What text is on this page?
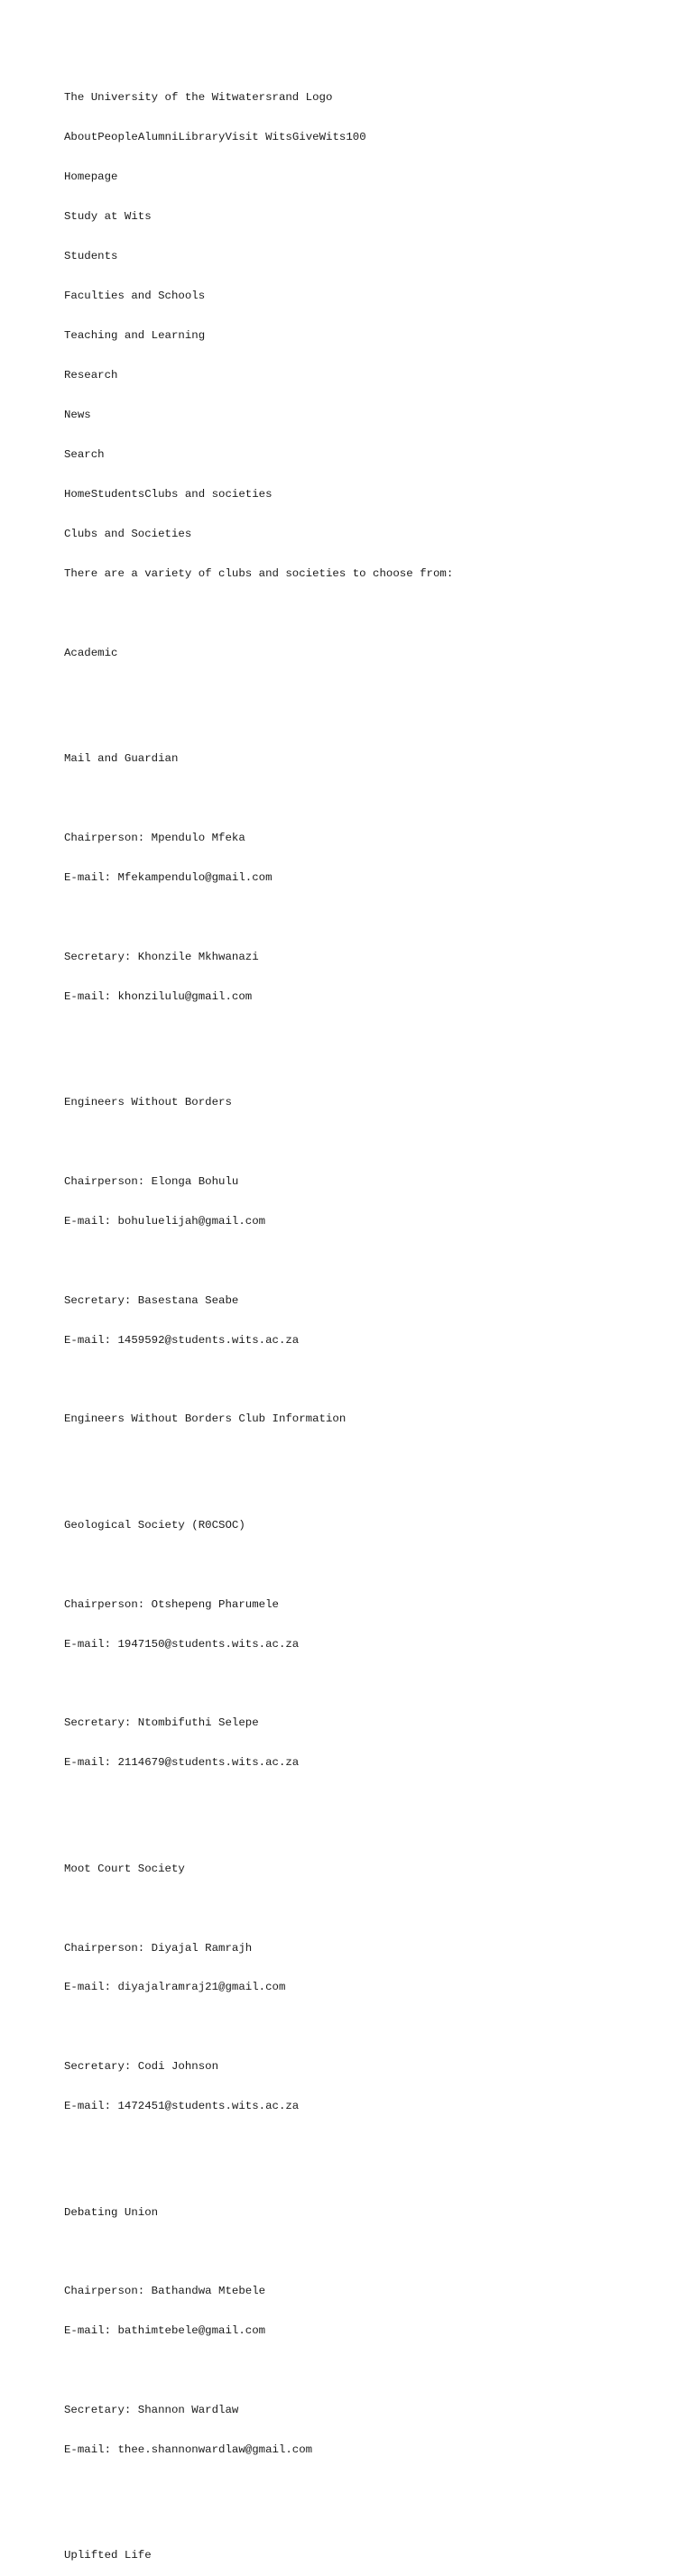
The University of the Witwatersrand Logo

AboutPeopleAlumniLibraryVisit WitsGiveWits100

Homepage

Study at Wits

Students

Faculties and Schools

Teaching and Learning

Research

News

Search

HomeStudentsClubs and societies

Clubs and Societies

There are a variety of clubs and societies to choose from:

Academic

Mail and Guardian

Chairperson: Mpendulo Mfeka

E-mail: Mfekampendulo@gmail.com

Secretary: Khonzile Mkhwanazi

E-mail: khonzilulu@gmail.com

Engineers Without Borders

Chairperson: Elonga Bohulu

E-mail: bohuluelijah@gmail.com

Secretary: Basestana Seabe

E-mail: 1459592@students.wits.ac.za

Engineers Without Borders Club Information

Geological Society (R0CSOC)

Chairperson: Otshepeng Pharumele

E-mail: 1947150@students.wits.ac.za

Secretary: Ntombifuthi Selepe

E-mail: 2114679@students.wits.ac.za

Moot Court Society

Chairperson: Diyajal Ramrajh

E-mail: diyajalramraj21@gmail.com

Secretary: Codi Johnson

E-mail: 1472451@students.wits.ac.za

Debating Union

Chairperson: Bathandwa Mtebele

E-mail: bathimtebele@gmail.com

Secretary: Shannon Wardlaw

E-mail: thee.shannonwardlaw@gmail.com

Uplifted Life
